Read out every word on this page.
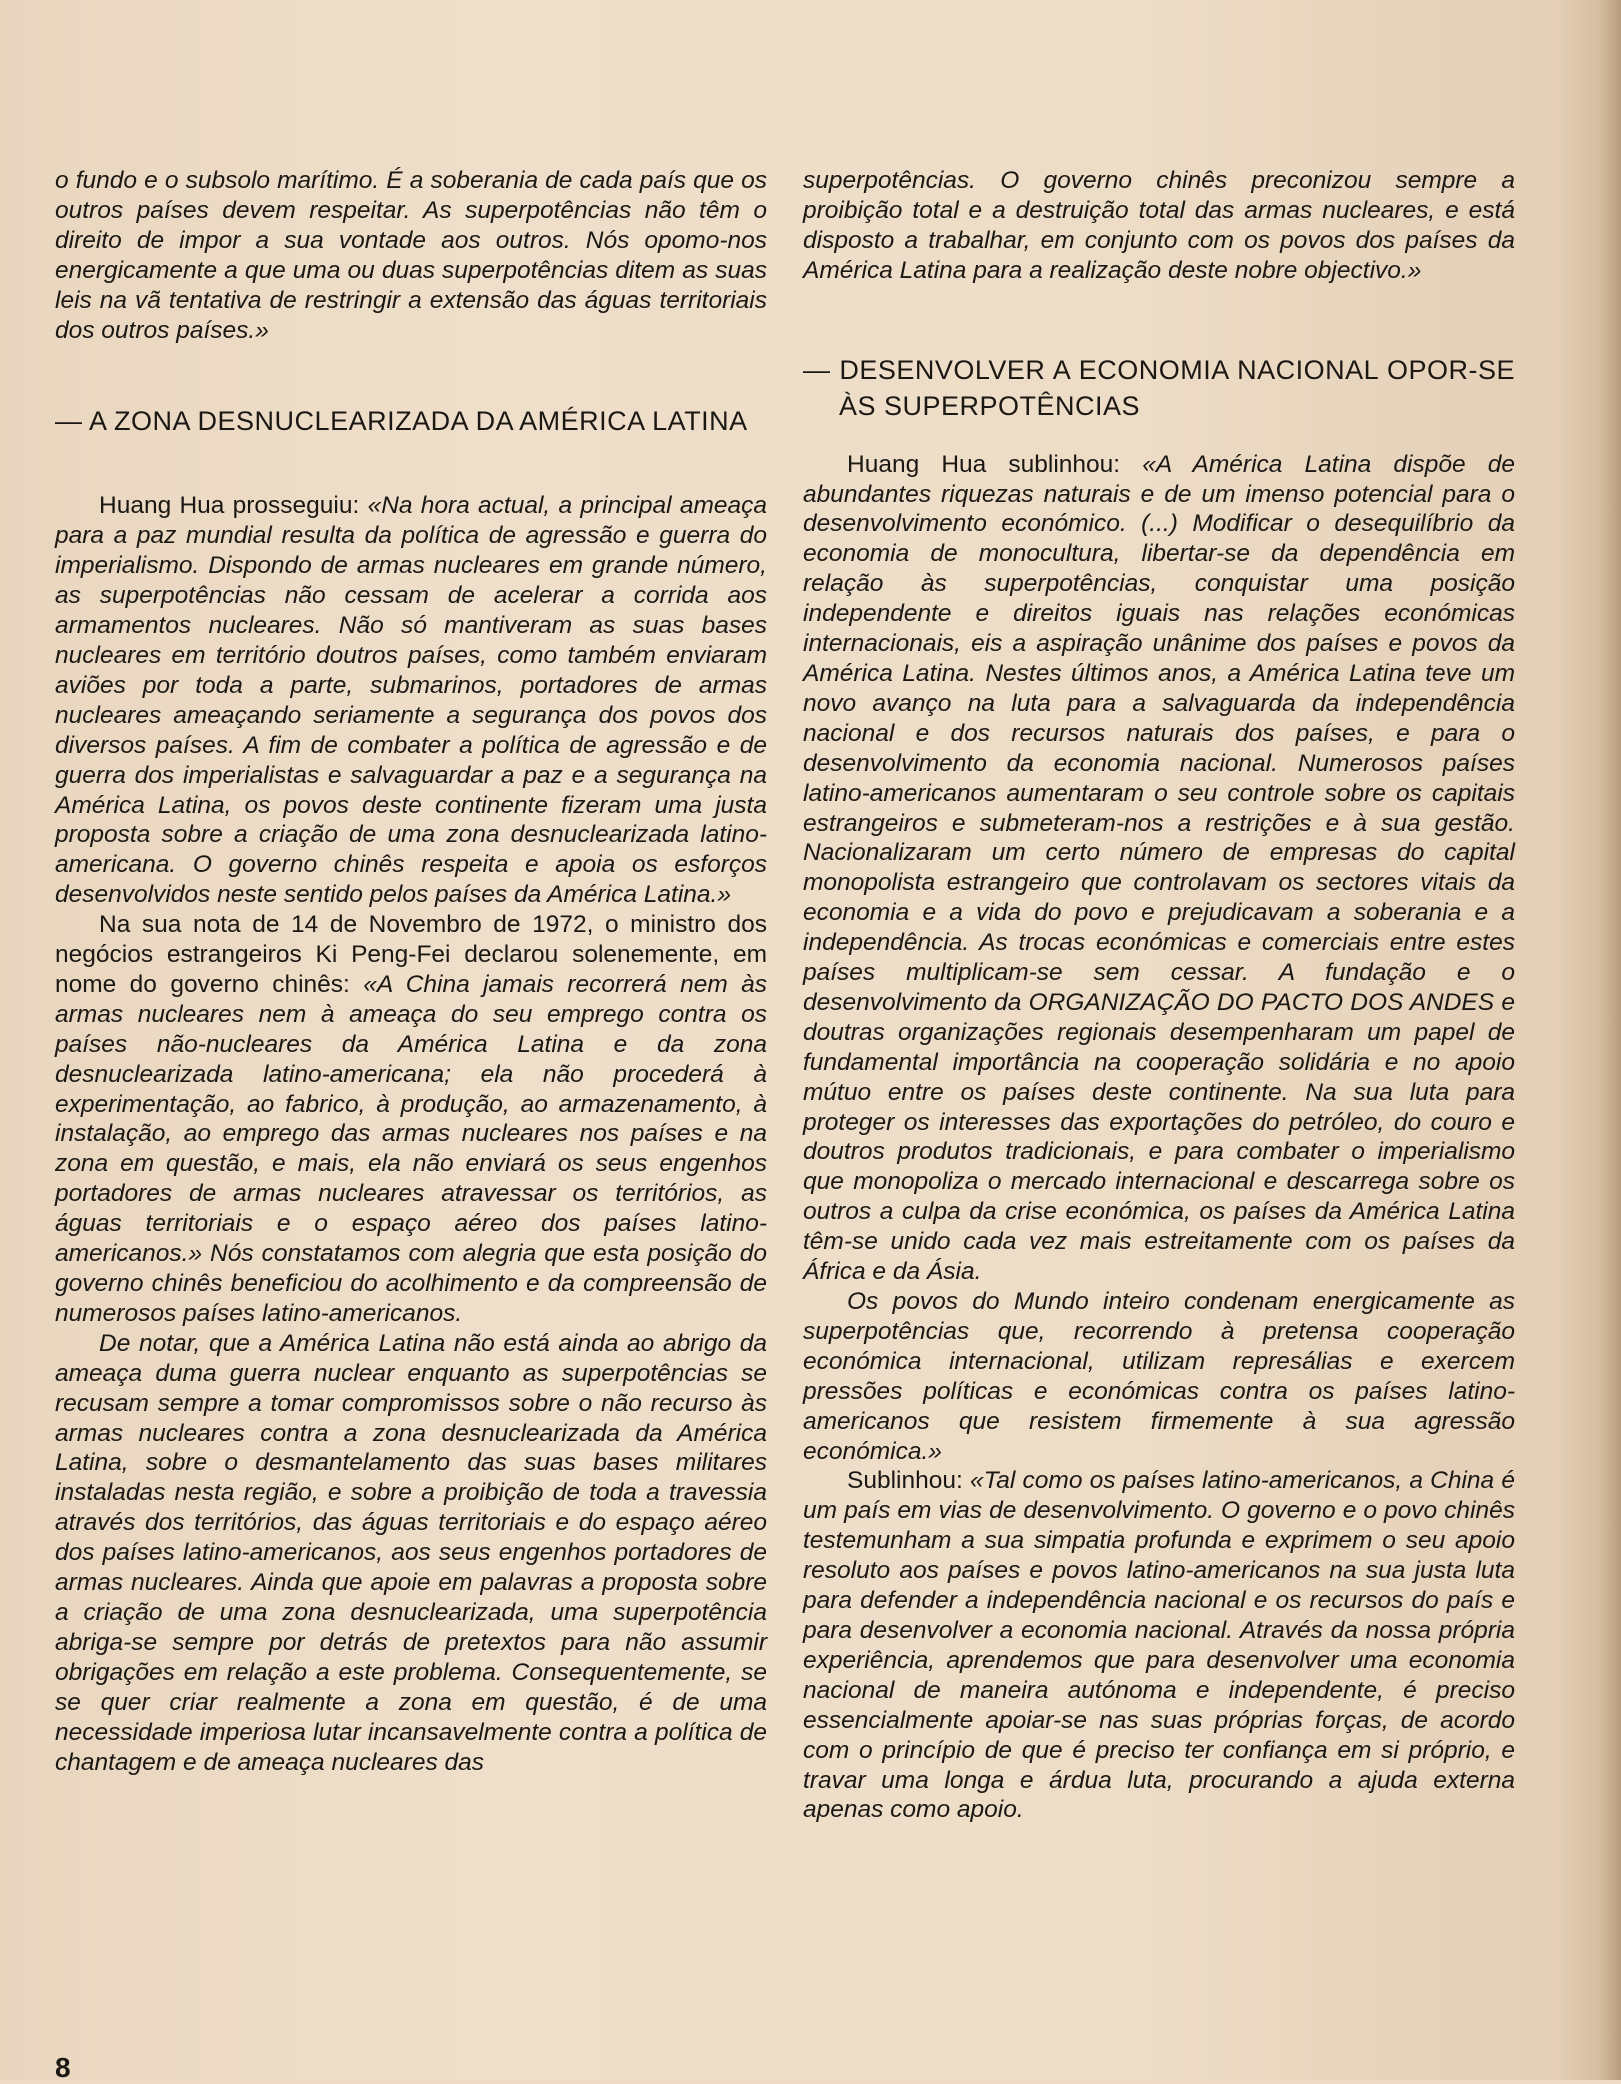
o fundo e o subsolo marítimo. É a soberania de cada país que os outros países devem respeitar. As superpotências não têm o direito de impor a sua vontade aos outros. Nós opomo-nos energicamente a que uma ou duas superpotências ditem as suas leis na vã tentativa de restringir a extensão das águas territoriais dos outros países.»

— A ZONA DESNUCLEARIZADA DA AMÉRICA LATINA

Huang Hua prosseguiu: «Na hora actual, a principal ameaça para a paz mundial resulta da política de agressão e guerra do imperialismo. Dispondo de armas nucleares em grande número, as superpotências não cessam de acelerar a corrida aos armamentos nucleares. Não só mantiveram as suas bases nucleares em território doutros países, como também enviaram aviões por toda a parte, submarinos, portadores de armas nucleares ameaçando seriamente a segurança dos povos dos diversos países. A fim de combater a política de agressão e de guerra dos imperialistas e salvaguardar a paz e a segurança na América Latina, os povos deste continente fizeram uma justa proposta sobre a criação de uma zona desnuclearizada latino-americana. O governo chinês respeita e apoia os esforços desenvolvidos neste sentido pelos países da América Latina.»

Na sua nota de 14 de Novembro de 1972, o ministro dos negócios estrangeiros Ki Peng-Fei declarou solenemente, em nome do governo chinês: «A China jamais recorrerá nem às armas nucleares nem à ameaça do seu emprego contra os países não-nucleares da América Latina e da zona desnuclearizada latino-americana; ela não procederá à experimentação, ao fabrico, à produção, ao armazenamento, à instalação, ao emprego das armas nucleares nos países e na zona em questão, e mais, ela não enviará os seus engenhos portadores de armas nucleares atravessar os territórios, as águas territoriais e o espaço aéreo dos países latino-americanos.» Nós constatamos com alegria que esta posição do governo chinês beneficiou do acolhimento e da compreensão de numerosos países latino-americanos.

De notar, que a América Latina não está ainda ao abrigo da ameaça duma guerra nuclear enquanto as superpotências se recusam sempre a tomar compromissos sobre o não recurso às armas nucleares contra a zona desnuclearizada da América Latina, sobre o desmantelamento das suas bases militares instaladas nesta região, e sobre a proibição de toda a travessia através dos territórios, das águas territoriais e do espaço aéreo dos países latino-americanos, aos seus engenhos portadores de armas nucleares. Ainda que apoie em palavras a proposta sobre a criação de uma zona desnuclearizada, uma superpotência abriga-se sempre por detrás de pretextos para não assumir obrigações em relação a este problema. Consequentemente, se se quer criar realmente a zona em questão, é de uma necessidade imperiosa lutar incansavelmente contra a política de chantagem e de ameaça nucleares das

superpotências. O governo chinês preconizou sempre a proibição total e a destruição total das armas nucleares, e está disposto a trabalhar, em conjunto com os povos dos países da América Latina para a realização deste nobre objectivo.»

— DESENVOLVER A ECONOMIA NACIONAL OPOR-SE ÀS SUPERPOTÊNCIAS

Huang Hua sublinhou: «A América Latina dispõe de abundantes riquezas naturais e de um imenso potencial para o desenvolvimento económico. (...) Modificar o desequilíbrio da economia de monocultura, libertar-se da dependência em relação às superpotências, conquistar uma posição independente e direitos iguais nas relações económicas internacionais, eis a aspiração unânime dos países e povos da América Latina. Nestes últimos anos, a América Latina teve um novo avanço na luta para a salvaguarda da independência nacional e dos recursos naturais dos países, e para o desenvolvimento da economia nacional. Numerosos países latino-americanos aumentaram o seu controle sobre os capitais estrangeiros e submeteram-nos a restrições e à sua gestão. Nacionalizaram um certo número de empresas do capital monopolista estrangeiro que controlavam os sectores vitais da economia e a vida do povo e prejudicavam a soberania e a independência. As trocas económicas e comerciais entre estes países multiplicam-se sem cessar. A fundação e o desenvolvimento da ORGANIZAÇÃO DO PACTO DOS ANDES e doutras organizações regionais desempenharam um papel de fundamental importância na cooperação solidária e no apoio mútuo entre os países deste continente. Na sua luta para proteger os interesses das exportações do petróleo, do couro e doutros produtos tradicionais, e para combater o imperialismo que monopoliza o mercado internacional e descarrega sobre os outros a culpa da crise económica, os países da América Latina têm-se unido cada vez mais estreitamente com os países da África e da Ásia.

Os povos do Mundo inteiro condenam energicamente as superpotências que, recorrendo à pretensa cooperação económica internacional, utilizam represálias e exercem pressões políticas e económicas contra os países latino-americanos que resistem firmemente à sua agressão económica.»

Sublinhou: «Tal como os países latino-americanos, a China é um país em vias de desenvolvimento. O governo e o povo chinês testemunham a sua simpatia profunda e exprimem o seu apoio resoluto aos países e povos latino-americanos na sua justa luta para defender a independência nacional e os recursos do país e para desenvolver a economia nacional. Através da nossa própria experiência, aprendemos que para desenvolver uma economia nacional de maneira autónoma e independente, é preciso essencialmente apoiar-se nas suas próprias forças, de acordo com o princípio de que é preciso ter confiança em si próprio, e travar uma longa e árdua luta, procurando a ajuda externa apenas como apoio.

8
